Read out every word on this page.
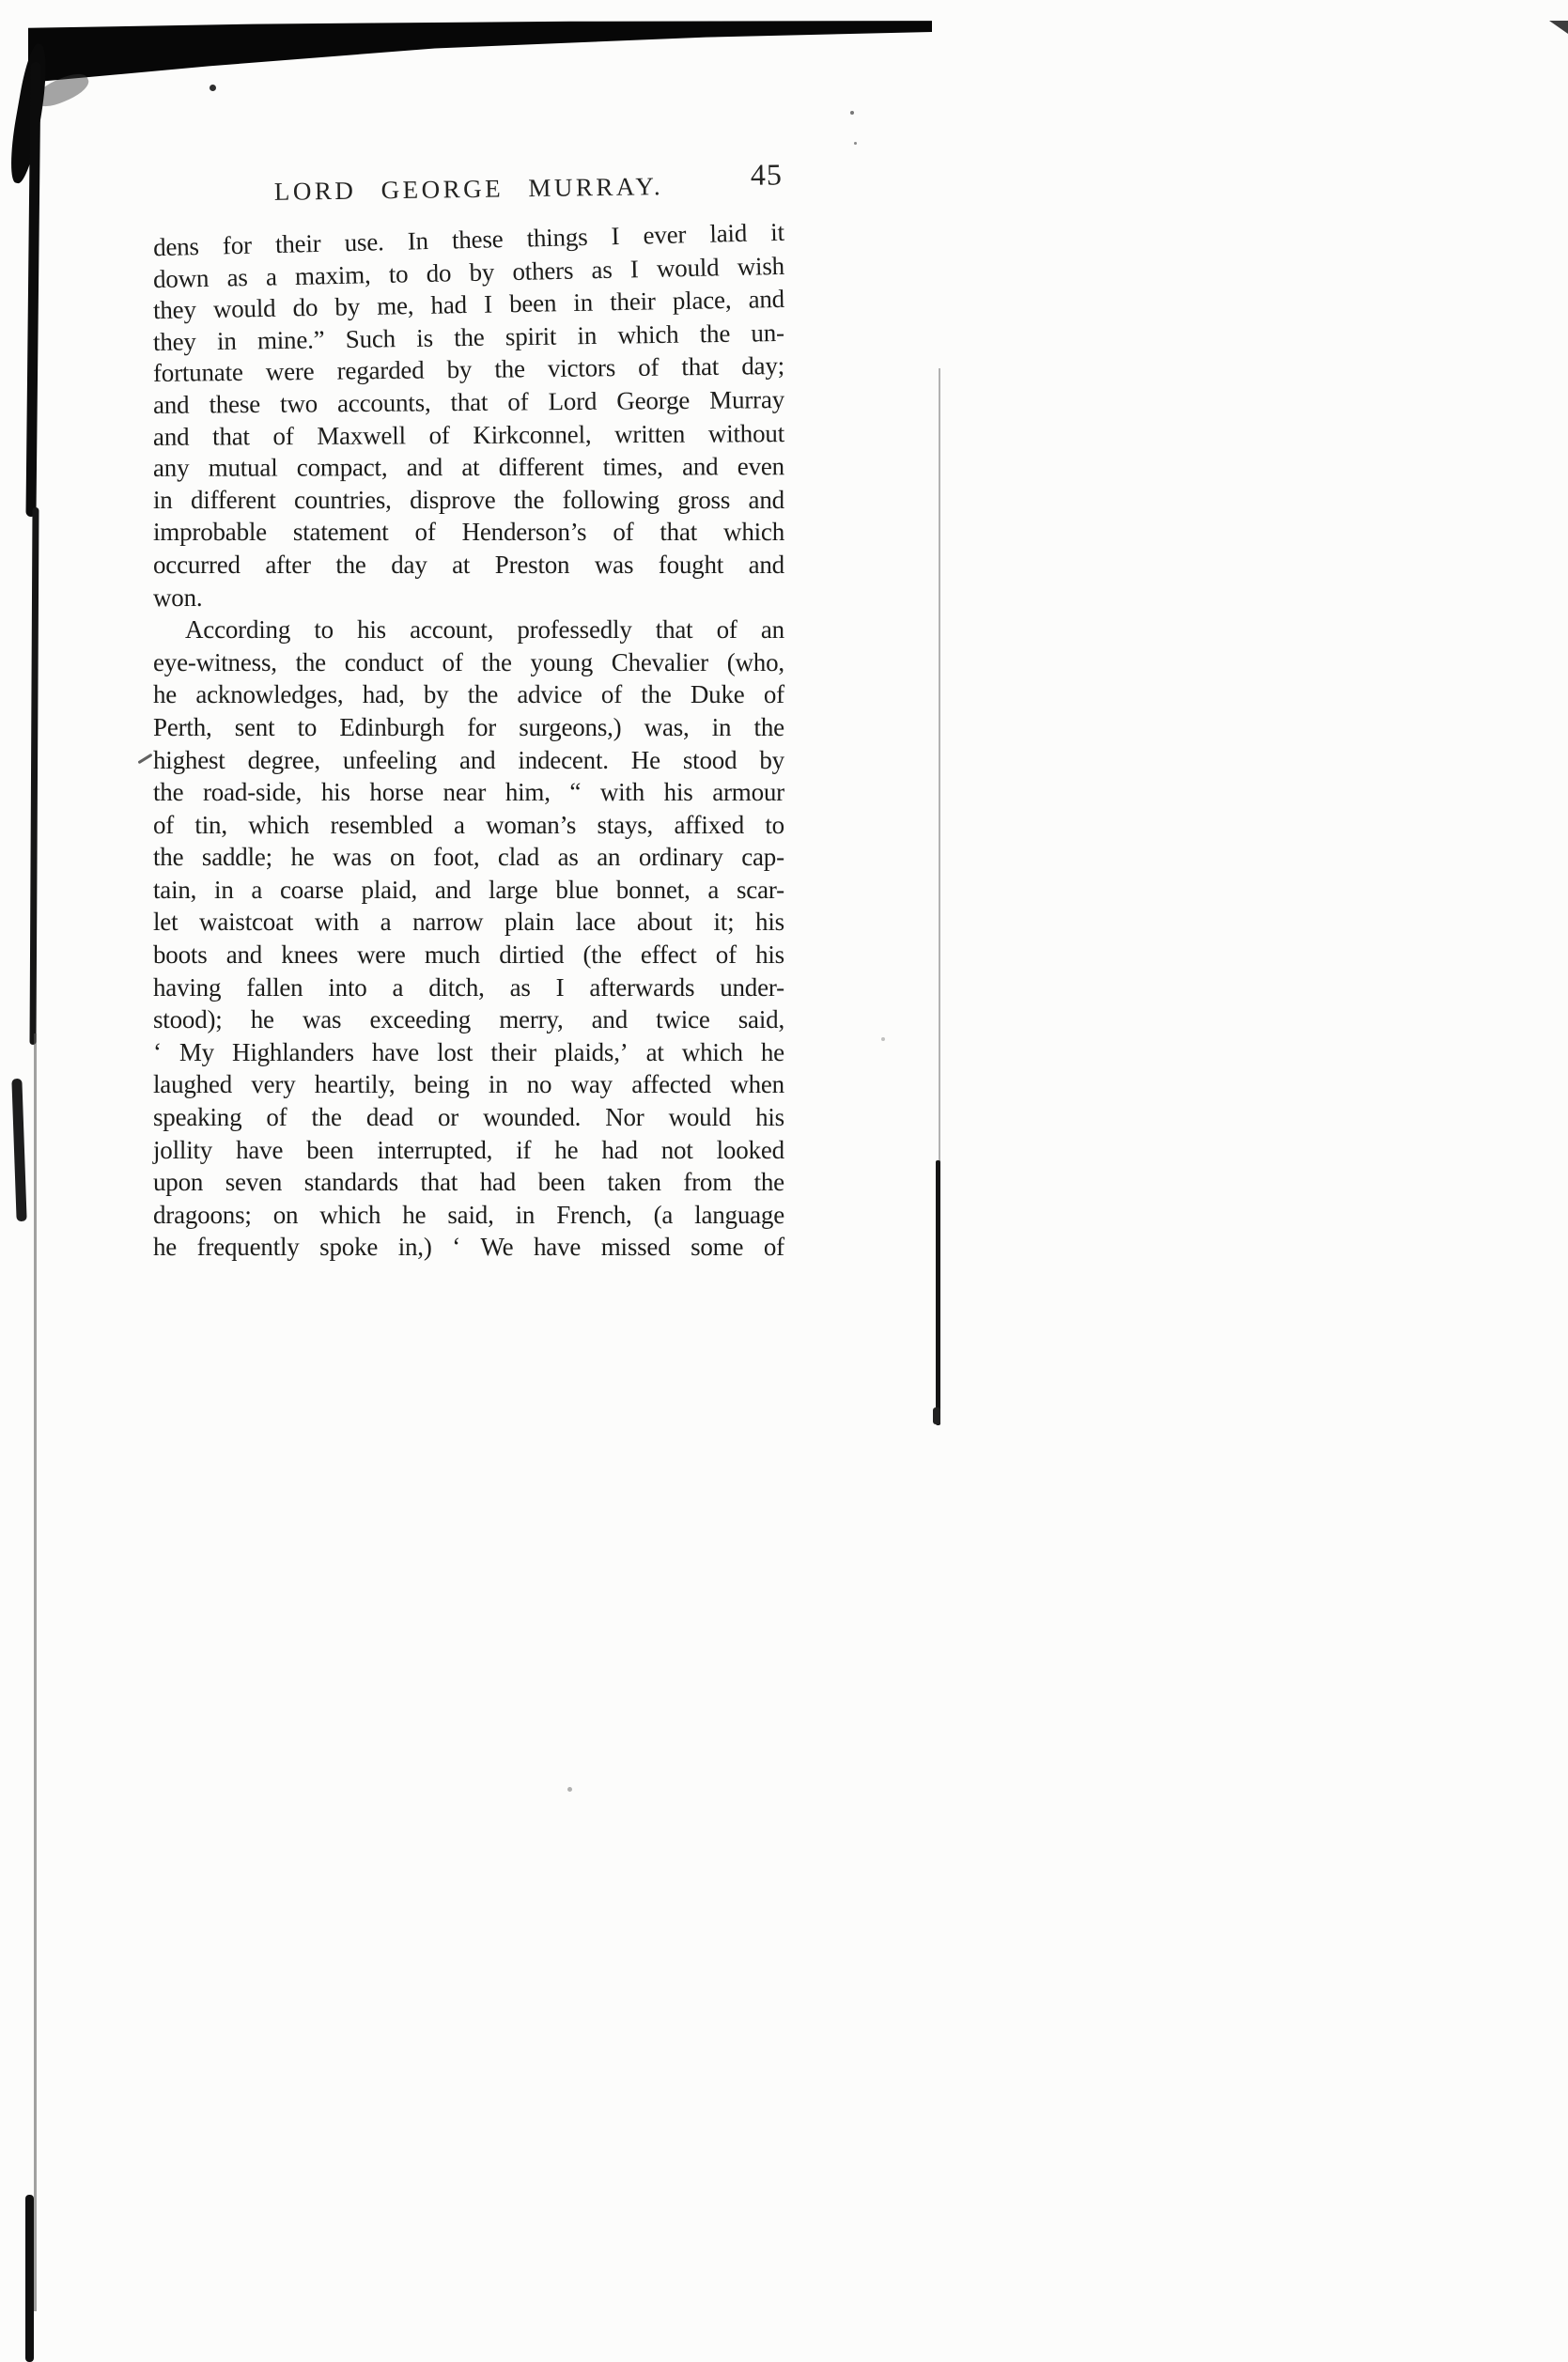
LORD GEORGE MURRAY.	45
dens for their use. In these things I ever laid it
down as a maxim, to do by others as I would wish
they would do by me, had I been in their place, and
they in mine.” Such is the spirit in which the un-
fortunate were regarded by the victors of that day;
and these two accounts, that of Lord George Murray
and that of Maxwell of Kirkconnel, written without
any mutual compact, and at different times, and even
in different countries, disprove the following gross and
improbable statement of Henderson’s of that which
occurred after the day at Preston was fought and
won.
According to his account, professedly that of an
eye-witness, the conduct of the young Chevalier (who,
he acknowledges, had, by the advice of the Duke of
Perth, sent to Edinburgh for surgeons,) was, in the
highest degree, unfeeling and indecent. He stood by
the road-side, his horse near him, “ with his armour
of tin, which resembled a woman’s stays, affixed to
the saddle; he was on foot, clad as an ordinary cap-
tain, in a coarse plaid, and large blue bonnet, a scar-
let waistcoat with a narrow plain lace about it; his
boots and knees were much dirtied (the effect of his
having fallen into a ditch, as I afterwards under-
stood); he was exceeding merry, and twice said,
‘ My Highlanders have lost their plaids,’ at which he
laughed very heartily, being in no way affected when
speaking of the dead or wounded. Nor would his
jollity have been interrupted, if he had not looked
upon seven standards that had been taken from the
dragoons; on which he said, in French, (a language
he frequently spoke in,) ‘ We have missed some of
